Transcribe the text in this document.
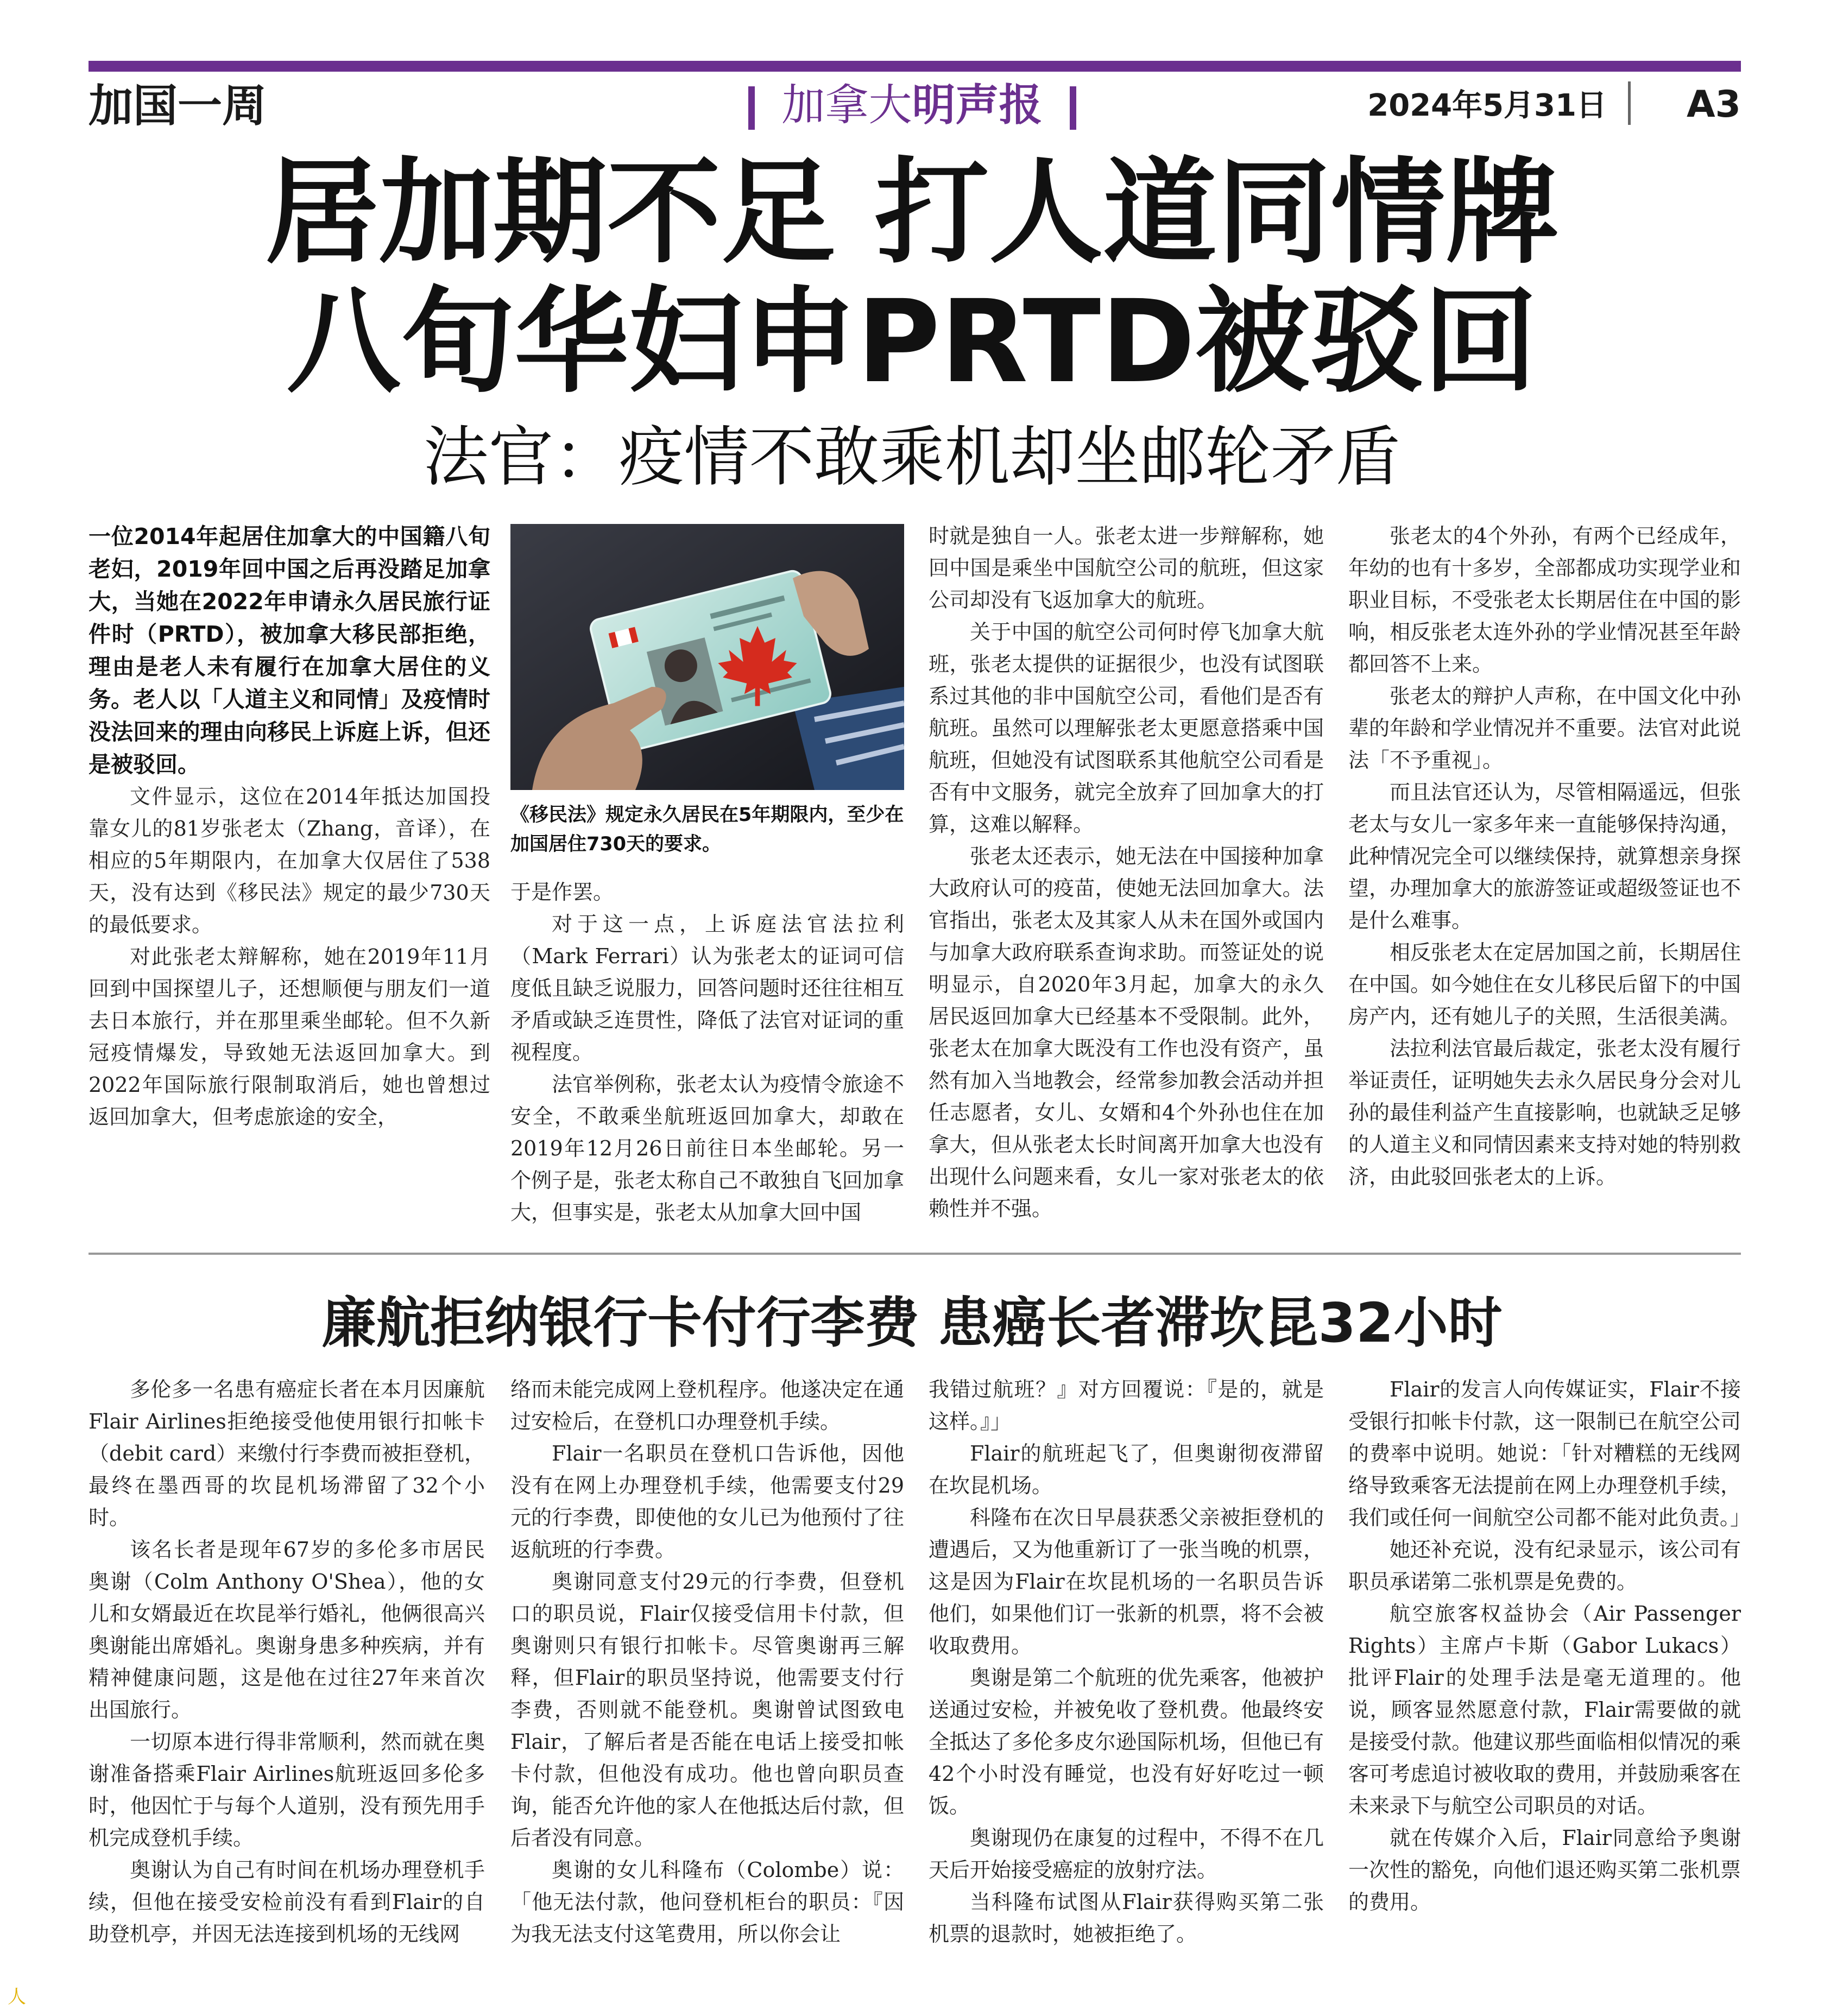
加国一周	加拿大明声报	2024年5月31日 A3
居加期不足 打人道同情牌
八旬华妇申PRTD被驳回
法官：疫情不敢乘机却坐邮轮矛盾
一位2014年起居住加拿大的中国籍八旬老妇，2019年回中国之后再没踏足加拿大，当她在2022年申请永久居民旅行证件时（PRTD），被加拿大移民部拒绝，理由是老人未有履行在加拿大居住的义务。老人以「人道主义和同情」及疫情时没法回来的理由向移民上诉庭上诉，但还是被驳回。

文件显示，这位在2014年抵达加国投靠女儿的81岁张老太（Zhang，音译），在相应的5年期限内，在加拿大仅居住了538天，没有达到《移民法》规定的最少730天的最低要求。

对此张老太辩解称，她在2019年11月回到中国探望儿子，还想顺便与朋友们一道去日本旅行，并在那里乘坐邮轮。但不久新冠疫情爆发，导致她无法返回加拿大。到2022年国际旅行限制取消后，她也曾想过返回加拿大，但考虑旅途的安全，

《移民法》规定永久居民在5年期限内，至少在加国居住730天的要求。

于是作罢。

对于这一点，上诉庭法官法拉利（Mark Ferrari）认为张老太的证词可信度低且缺乏说服力，回答问题时还往往相互矛盾或缺乏连贯性，降低了法官对证词的重视程度。

法官举例称，张老太认为疫情令旅途不安全，不敢乘坐航班返回加拿大，却敢在2019年12月26日前往日本坐邮轮。另一个例子是，张老太称自己不敢独自飞回加拿大，但事实是，张老太从加拿大回中国

时就是独自一人。张老太进一步辩解称，她回中国是乘坐中国航空公司的航班，但这家公司却没有飞返加拿大的航班。

关于中国的航空公司何时停飞加拿大航班，张老太提供的证据很少，也没有试图联系过其他的非中国航空公司，看他们是否有航班。虽然可以理解张老太更愿意搭乘中国航班，但她没有试图联系其他航空公司看是否有中文服务，就完全放弃了回加拿大的打算，这难以解释。

张老太还表示，她无法在中国接种加拿大政府认可的疫苗，使她无法回加拿大。法官指出，张老太及其家人从未在国外或国内与加拿大政府联系查询求助。而签证处的说明显示，自2020年3月起，加拿大的永久居民返回加拿大已经基本不受限制。此外，张老太在加拿大既没有工作也没有资产，虽然有加入当地教会，经常参加教会活动并担任志愿者，女儿、女婿和4个外孙也住在加拿大，但从张老太长时间离开加拿大也没有出现什么问题来看，女儿一家对张老太的依赖性并不强。

张老太的4个外孙，有两个已经成年，年幼的也有十多岁，全部都成功实现学业和职业目标，不受张老太长期居住在中国的影响，相反张老太连外孙的学业情况甚至年龄都回答不上来。

张老太的辩护人声称，在中国文化中孙辈的年龄和学业情况并不重要。法官对此说法「不予重视」。

而且法官还认为，尽管相隔遥远，但张老太与女儿一家多年来一直能够保持沟通，此种情况完全可以继续保持，就算想亲身探望，办理加拿大的旅游签证或超级签证也不是什么难事。

相反张老太在定居加国之前，长期居住在中国。如今她住在女儿移民后留下的中国房产内，还有她儿子的关照，生活很美满。

法拉利法官最后裁定，张老太没有履行举证责任，证明她失去永久居民身分会对儿孙的最佳利益产生直接影响，也就缺乏足够的人道主义和同情因素来支持对她的特别救济，由此驳回张老太的上诉。

廉航拒纳银行卡付行李费 患癌长者滞坎昆32小时

多伦多一名患有癌症长者在本月因廉航Flair Airlines拒绝接受他使用银行扣帐卡（debit card）来缴付行李费而被拒登机，最终在墨西哥的坎昆机场滞留了32个小时。

该名长者是现年67岁的多伦多市居民奥谢（Colm Anthony O'Shea），他的女儿和女婿最近在坎昆举行婚礼，他俩很高兴奥谢能出席婚礼。奥谢身患多种疾病，并有精神健康问题，这是他在过往27年来首次出国旅行。

一切原本进行得非常顺利，然而就在奥谢准备搭乘Flair Airlines航班返回多伦多时，他因忙于与每个人道别，没有预先用手机完成登机手续。

奥谢认为自己有时间在机场办理登机手续，但他在接受安检前没有看到Flair的自助登机亭，并因无法连接到机场的无线网

络而未能完成网上登机程序。他遂决定在通过安检后，在登机口办理登机手续。

Flair一名职员在登机口告诉他，因他没有在网上办理登机手续，他需要支付29元的行李费，即使他的女儿已为他预付了往返航班的行李费。

奥谢同意支付29元的行李费，但登机口的职员说，Flair仅接受信用卡付款，但奥谢则只有银行扣帐卡。尽管奥谢再三解释，但Flair的职员坚持说，他需要支付行李费，否则就不能登机。奥谢曾试图致电Flair，了解后者是否能在电话上接受扣帐卡付款，但他没有成功。他也曾向职员查询，能否允许他的家人在他抵达后付款，但后者没有同意。

奥谢的女儿科隆布（Colombe）说：「他无法付款，他问登机柜台的职员：『因为我无法支付这笔费用，所以你会让

我错过航班？』对方回覆说：『是的，就是这样。』」

Flair的航班起飞了，但奥谢彻夜滞留在坎昆机场。

科隆布在次日早晨获悉父亲被拒登机的遭遇后，又为他重新订了一张当晚的机票，这是因为Flair在坎昆机场的一名职员告诉他们，如果他们订一张新的机票，将不会被收取费用。

奥谢是第二个航班的优先乘客，他被护送通过安检，并被免收了登机费。他最终安全抵达了多伦多皮尔逊国际机场，但他已有42个小时没有睡觉，也没有好好吃过一顿饭。

奥谢现仍在康复的过程中，不得不在几天后开始接受癌症的放射疗法。

当科隆布试图从Flair获得购买第二张机票的退款时，她被拒绝了。

Flair的发言人向传媒证实，Flair不接受银行扣帐卡付款，这一限制已在航空公司的费率中说明。她说：「针对糟糕的无线网络导致乘客无法提前在网上办理登机手续，我们或任何一间航空公司都不能对此负责。」

她还补充说，没有纪录显示，该公司有职员承诺第二张机票是免费的。

航空旅客权益协会（Air Passenger Rights）主席卢卡斯（Gabor Lukacs）批评Flair的处理手法是毫无道理的。他说，顾客显然愿意付款，Flair需要做的就是接受付款。他建议那些面临相似情况的乘客可考虑追讨被收取的费用，并鼓励乘客在未来录下与航空公司职员的对话。

就在传媒介入后，Flair同意给予奥谢一次性的豁免，向他们退还购买第二张机票的费用。

人
